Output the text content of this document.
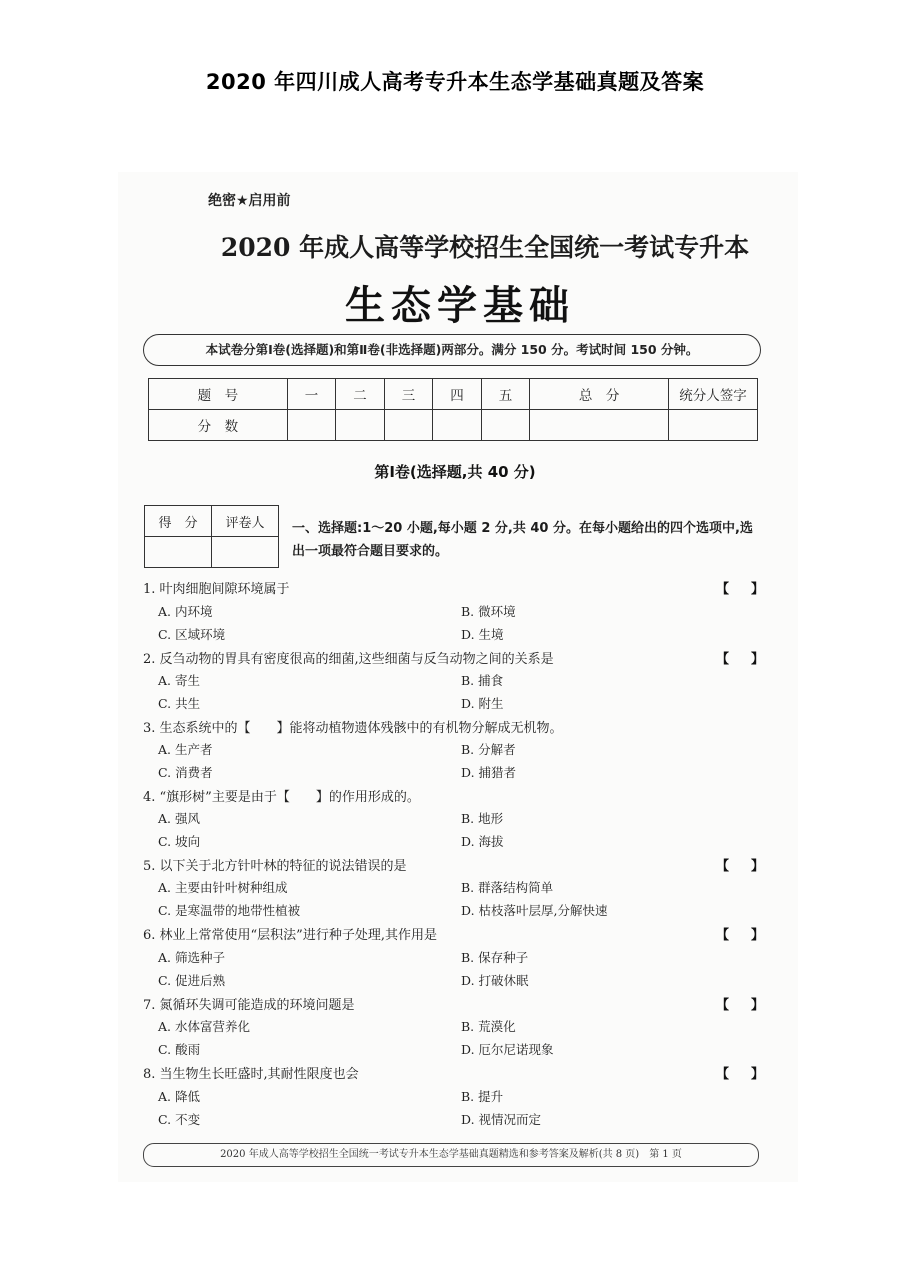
2020 年四川成人高考专升本生态学基础真题及答案
绝密★启用前
2020 年成人高等学校招生全国统一考试专升本
生态学基础
本试卷分第Ⅰ卷(选择题)和第Ⅱ卷(非选择题)两部分。满分 150 分。考试时间 150 分钟。
题　号	一	二	三	四	五	总　分	统分人签字
分　数							
第Ⅰ卷(选择题,共 40 分)
得　分	评卷人
	一、选择题:1～20 小题,每小题 2 分,共 40 分。在每小题给出的四个选项中,选出一项最符合题目要求的。
1. 叶肉细胞间隙环境属于	【】
A. 内环境	B. 微环境
C. 区域环境	D. 生境
2. 反刍动物的胃具有密度很高的细菌,这些细菌与反刍动物之间的关系是	【】
A. 寄生	B. 捕食
C. 共生	D. 附生
3. 生态系统中的【　　】能将动植物遗体残骸中的有机物分解成无机物。
A. 生产者	B. 分解者
C. 消费者	D. 捕猎者
4. “旗形树”主要是由于【　　】的作用形成的。
A. 强风	B. 地形
C. 坡向	D. 海拔
5. 以下关于北方针叶林的特征的说法错误的是	【】
A. 主要由针叶树种组成	B. 群落结构简单
C. 是寒温带的地带性植被	D. 枯枝落叶层厚,分解快速
6. 林业上常常使用“层积法”进行种子处理,其作用是	【】
A. 筛选种子	B. 保存种子
C. 促进后熟	D. 打破休眠
7. 氮循环失调可能造成的环境问题是	【】
A. 水体富营养化	B. 荒漠化
C. 酸雨	D. 厄尔尼诺现象
8. 当生物生长旺盛时,其耐性限度也会	【】
A. 降低	B. 提升
C. 不变	D. 视情况而定
2020 年成人高等学校招生全国统一考试专升本生态学基础真题精选和参考答案及解析(共 8 页)　第 1 页
